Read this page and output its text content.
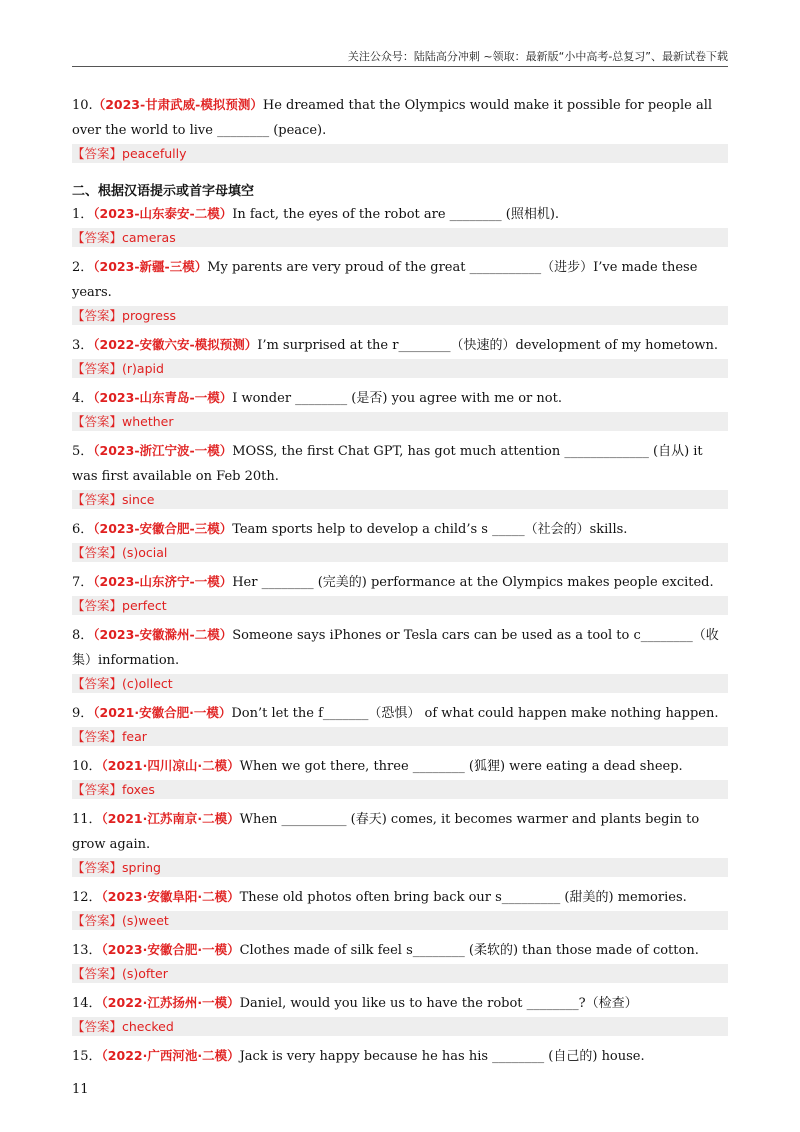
关注公众号：陆陆高分冲刺 ~领取：最新版“小中高考-总复习”、最新试卷下载
10.（2023-甘肃武威-模拟预测）He dreamed that the Olympics would make it possible for people all over the world to live ________ (peace).
【答案】peacefully
二、根据汉语提示或首字母填空
1．（2023-山东泰安-二模）In fact, the eyes of the robot are ________ (照相机).
【答案】cameras
2．（2023-新疆-三模）My parents are very proud of the great ___________（进步）I’ve made these years.
【答案】progress
3．（2022-安徽六安-模拟预测）I’m surprised at the r________（快速的）development of my hometown.
【答案】(r)apid
4．（2023-山东青岛-一模）I wonder ________ (是否) you agree with me or not.
【答案】whether
5．（2023-浙江宁波-一模）MOSS, the first Chat GPT, has got much attention _____________ (自从) it was first available on Feb 20th.
【答案】since
6．（2023-安徽合肥-三模）Team sports help to develop a child’s s _____（社会的）skills.
【答案】(s)ocial
7．（2023-山东济宁-一模）Her ________ (完美的) performance at the Olympics makes people excited.
【答案】perfect
8．（2023-安徽滁州-二模）Someone says iPhones or Tesla cars can be used as a tool to c________（收集）information.
【答案】(c)ollect
9．（2021·安徽合肥·一模）Don’t let the f_______（恐惧） of what could happen make nothing happen.
【答案】fear
10．（2021·四川凉山·二模）When we got there, three ________ (狐狸) were eating a dead sheep.
【答案】foxes
11．（2021·江苏南京·二模）When __________ (春天) comes, it becomes warmer and plants begin to grow again.
【答案】spring
12．（2023·安徽阜阳·二模）These old photos often bring back our s_________ (甜美的) memories.
【答案】(s)weet
13．（2023·安徽合肥·一模）Clothes made of silk feel s________ (柔软的) than those made of cotton.
【答案】(s)ofter
14．（2022·江苏扬州·一模）Daniel, would you like us to have the robot ________?（检查）
【答案】checked
15．（2022·广西河池·二模）Jack is very happy because he has his ________ (自己的) house.
11
